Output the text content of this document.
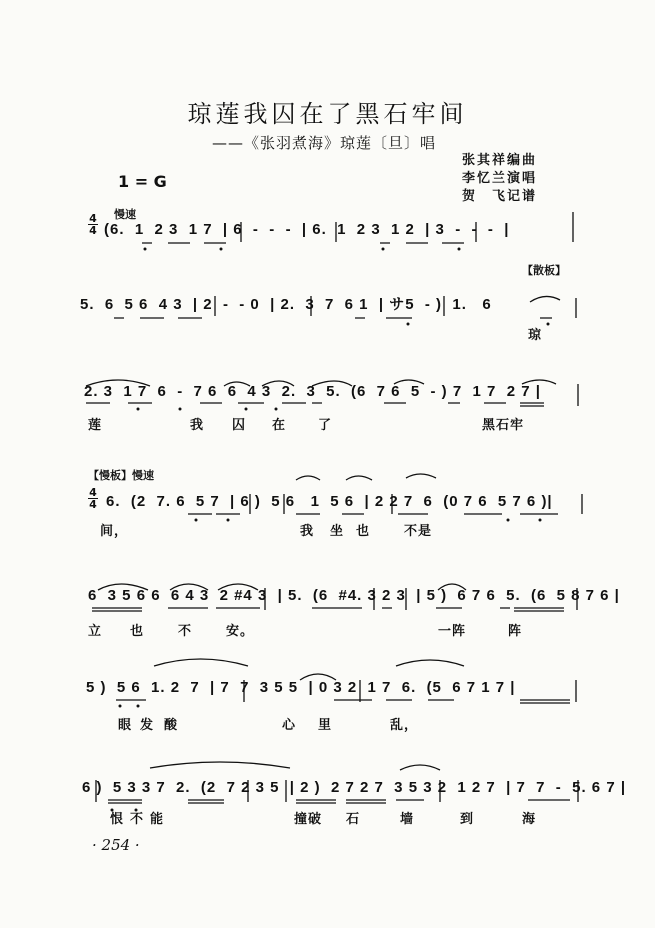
琼莲我囚在了黑石牢间
——《张羽煮海》琼莲〔旦〕唱
张其祥编曲
李忆兰演唱
贺　飞记谱
1 = G
慢速
4
4 (6.  1  2 3  1 7  | 6  -  -  -  | 6.  1  2 3  1 2  | 3  -  -  -  |
【散板】
5.  6  5 6  4 3  | 2  -  - 0  | 2.  3  7  6 1  | サ5  - )  1.   6
琼
2. 3  1 7  6  -  7 6  6  4 3  2.  3  5.  (6  7 6  5  - ) 7  1 7  2 7 |
莲	我 囚 在 了	黑石牢
【慢板】慢速
4
4 6.  (2  7. 6  5 7  | 6 )  5 6   1  5 6  | 2 2 7  6  (0 7 6  5 7 6 )|
间，	我 坐 也	不是
6  3 5 6 6  6 4 3  2 #4 3  | 5.  (6  #4. 3 2 3  | 5 )  6 7 6  5.  (6  5 8 7 6 |
立 也	不	安。	一阵	阵
5 )  5 6  1. 2  7  | 7  7  3 5 5  | 0 3 2  1 7  6.  (5  6 7 1 7 |
眼 发 酸	心 里	乱，
6 )  5 3 3 7  2.  (2  7 2 3 5  | 2 )  2 7 2 7  3 5 3 2  1 2 7  | 7  7  -  5. 6 7 |
恨 不 能	撞破 石	墙	到	海
· 254 ·
